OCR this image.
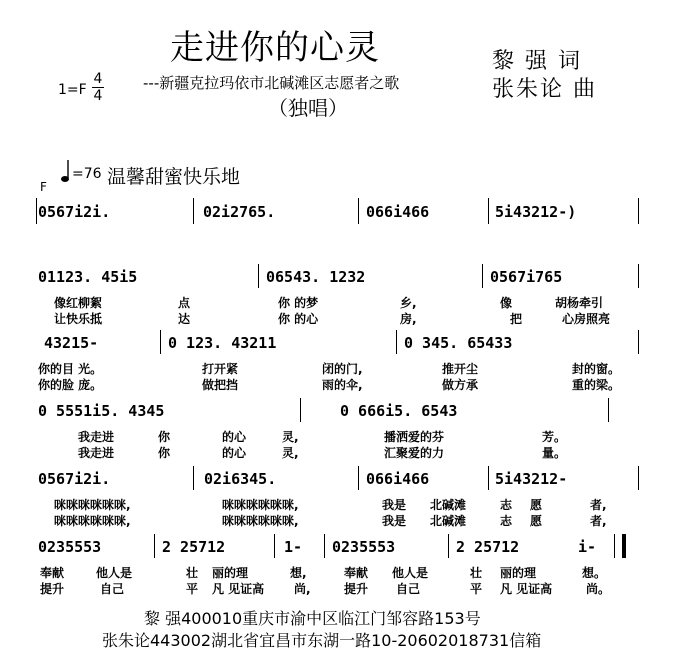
走进你的心灵
---新疆克拉玛依市北碱滩区志愿者之歌
（独唱）
黎 强 词
张朱论 曲
1=F
4
4
=76 温馨甜蜜快乐地
F
0567i2i.	02i2765.	066i466	5i43212-)
01123. 45i5	06543. 1232	0567i765
像红柳絮	点	你 的梦	乡,	像	胡杨牵引
让快乐抵	达	你 的心	房,	把	心房照亮
43215-	0 123. 43211	0 345. 65433
你的目 光。	打开紧	闭的门,	推开尘	封的窗。
你的脸 庞。	做把挡	雨的伞,	做方承	重的梁。
0 5551i5. 4345	0 666i5. 6543
我走进	你	的心	灵,	播洒爱的芬	芳。
我走进	你	的心	灵,	汇聚爱的力	量。
0567i2i.	02i6345.	066i466	5i43212-
咪咪咪咪咪咪,	咪咪咪咪咪咪,	我是 北碱滩	志 愿	者,
咪咪咪咪咪咪,	咪咪咪咪咪咪,	我是 北碱滩	志 愿	者,
0235553	2 25712	1- 0235553	2 25712	i-
奉献	他人是	壮 丽的理	想,	奉献 他人是	壮 丽的理	想。
提升	自己	平 凡 见证高 尚,	提升 自己	平 凡 见证高	尚。
黎 强400010重庆市渝中区临江门邹容路153号
张朱论443002湖北省宜昌市东湖一路10-20602018731信箱
